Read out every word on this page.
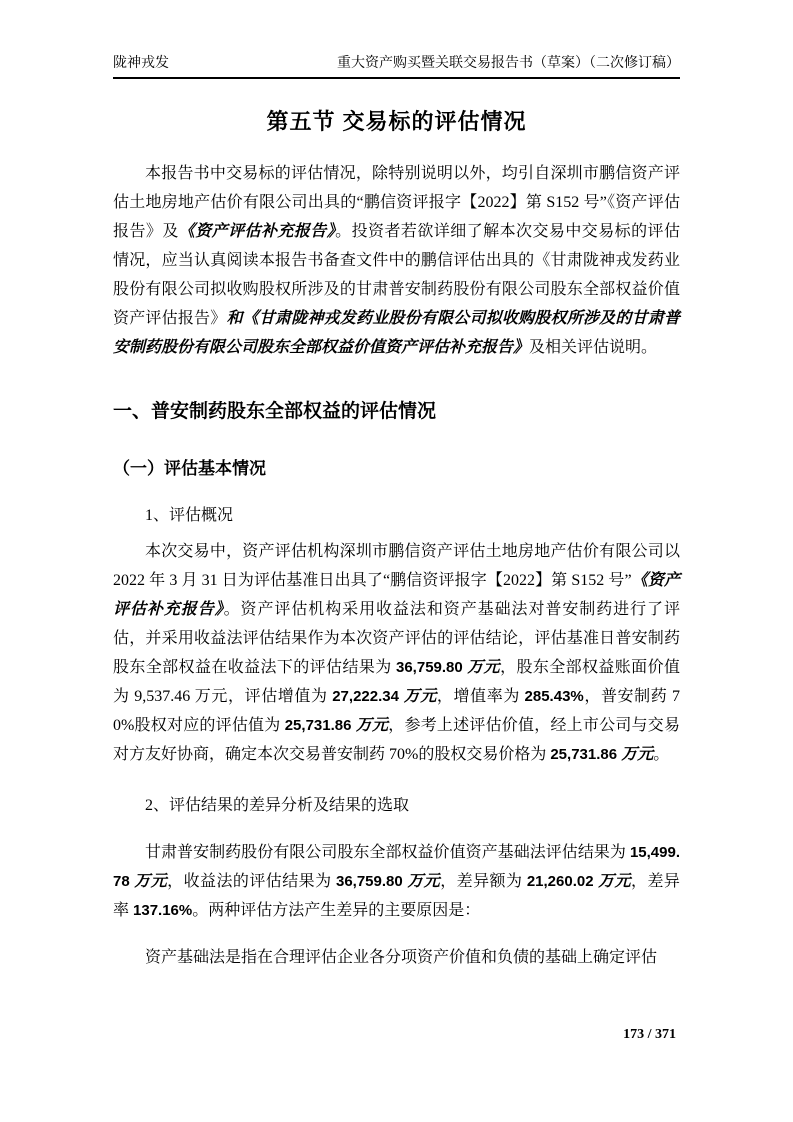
陇神戎发	重大资产购买暨关联交易报告书（草案）（二次修订稿）
第五节 交易标的评估情况

本报告书中交易标的评估情况，除特别说明以外，均引自深圳市鹏信资产评估土地房地产估价有限公司出具的“鹏信资评报字【2022】第 S152 号”《资产评估报告》及《资产评估补充报告》。投资者若欲详细了解本次交易中交易标的评估情况，应当认真阅读本报告书备查文件中的鹏信评估出具的《甘肃陇神戎发药业股份有限公司拟收购股权所涉及的甘肃普安制药股份有限公司股东全部权益价值资产评估报告》和《甘肃陇神戎发药业股份有限公司拟收购股权所涉及的甘肃普安制药股份有限公司股东全部权益价值资产评估补充报告》及相关评估说明。

一、普安制药股东全部权益的评估情况
（一）评估基本情况
1、评估概况

本次交易中，资产评估机构深圳市鹏信资产评估土地房地产估价有限公司以 2022 年 3 月 31 日为评估基准日出具了“鹏信资评报字【2022】第 S152 号”《资产评估补充报告》。资产评估机构采用收益法和资产基础法对普安制药进行了评估，并采用收益法评估结果作为本次资产评估的评估结论，评估基准日普安制药股东全部权益在收益法下的评估结果为 36,759.80 万元，股东全部权益账面价值为 9,537.46 万元，评估增值为 27,222.34 万元，增值率为 285.43%，普安制药 70%股权对应的评估值为 25,731.86 万元，参考上述评估价值，经上市公司与交易对方友好协商，确定本次交易普安制药 70%的股权交易价格为 25,731.86 万元。

2、评估结果的差异分析及结果的选取

甘肃普安制药股份有限公司股东全部权益价值资产基础法评估结果为 15,499.78 万元，收益法的评估结果为 36,759.80 万元，差异额为 21,260.02 万元，差异率 137.16%。两种评估方法产生差异的主要原因是：

资产基础法是指在合理评估企业各分项资产价值和负债的基础上确定评估

173 / 371
